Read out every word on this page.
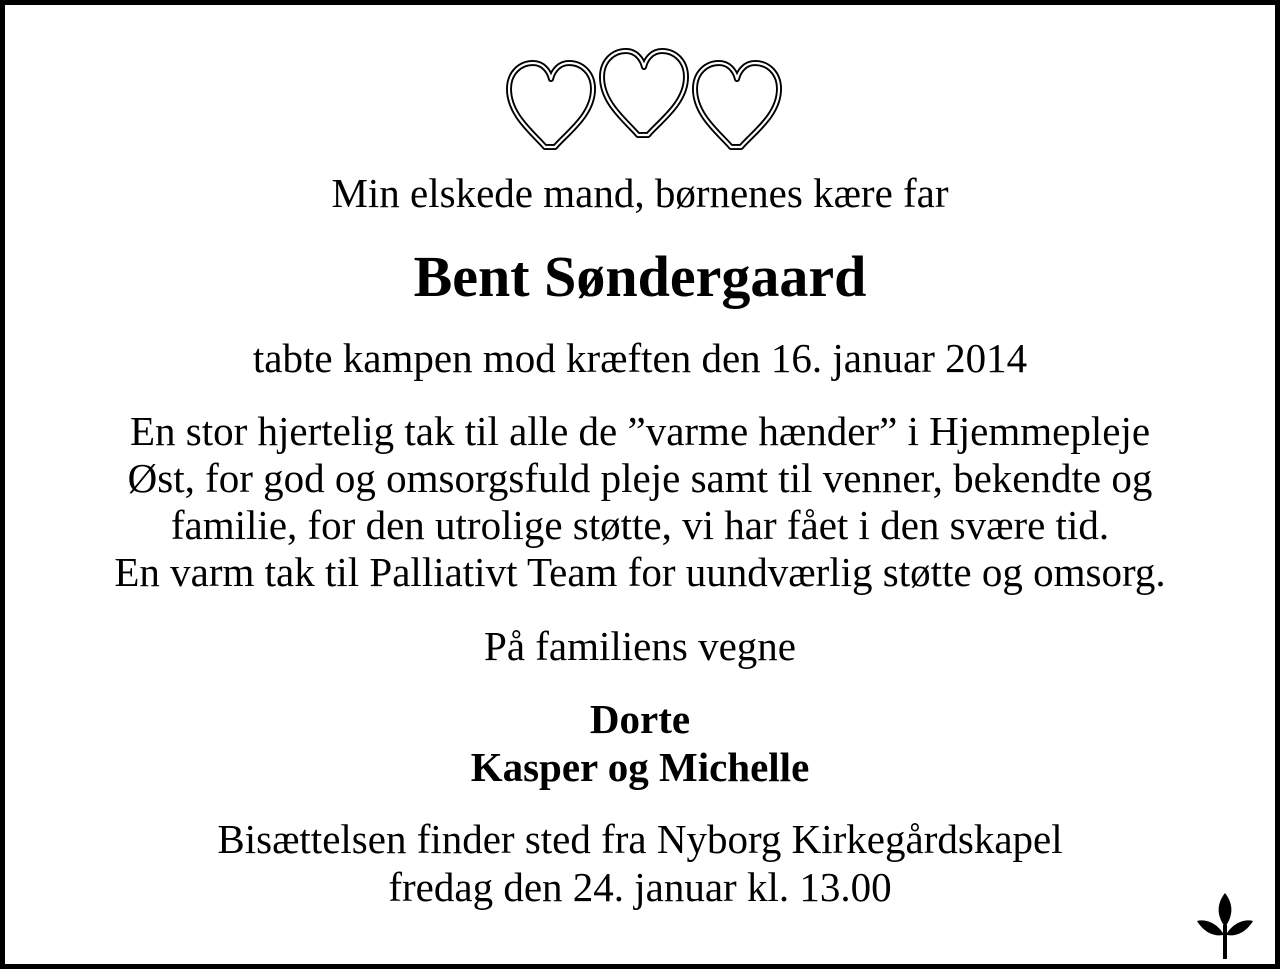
Min elskede mand, børnenes kære far

Bent Søndergaard

tabte kampen mod kræften den 16. januar 2014

En stor hjertelig tak til alle de ”varme hænder” i Hjemmepleje
Øst, for god og omsorgsfuld pleje samt til venner, bekendte og
familie, for den utrolige støtte, vi har fået i den svære tid.
En varm tak til Palliativt Team for uundværlig støtte og omsorg.

På familiens vegne

Dorte
Kasper og Michelle
Bisættelsen finder sted fra Nyborg Kirkegårdskapel
fredag den 24. januar kl. 13.00
